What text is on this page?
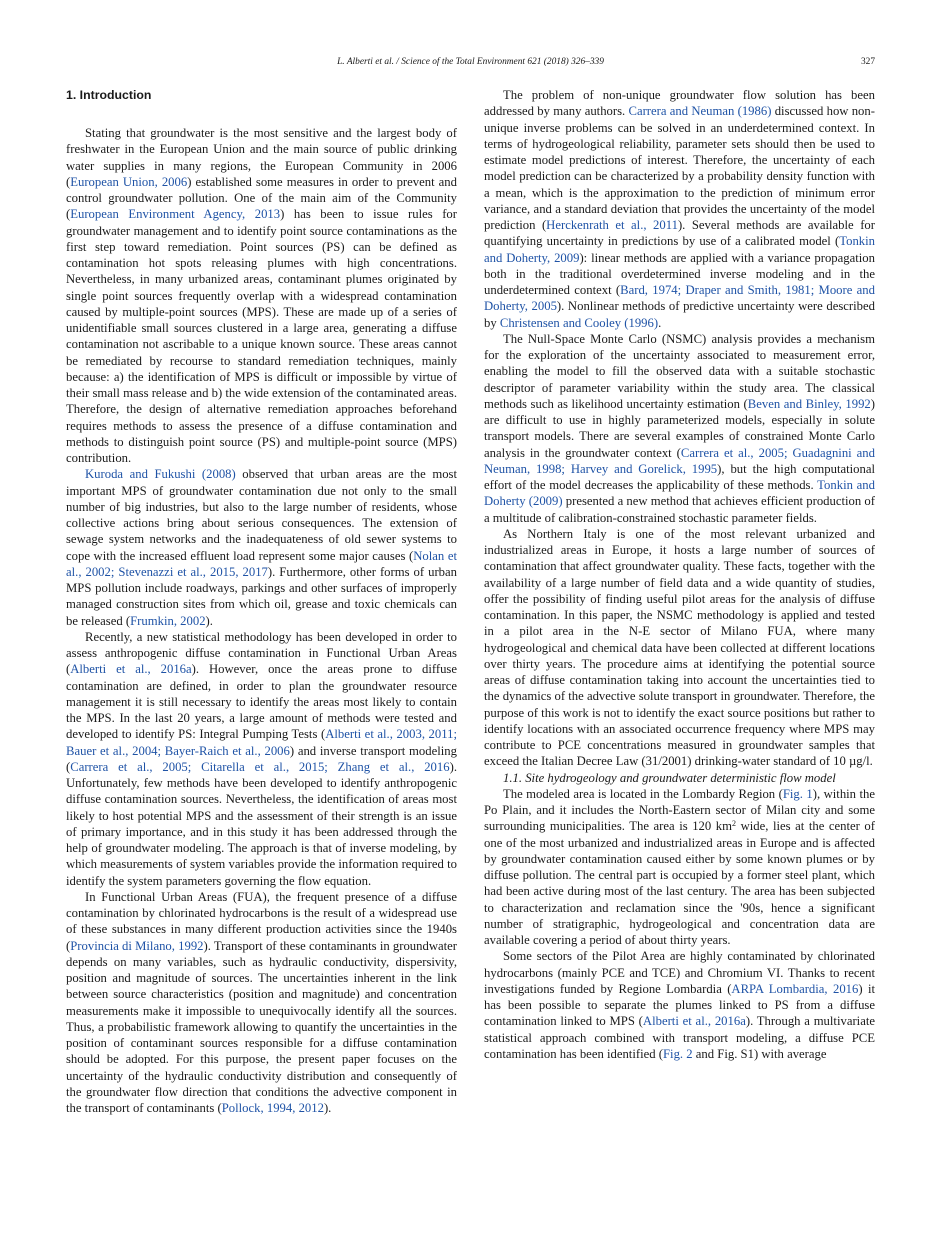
L. Alberti et al. / Science of the Total Environment 621 (2018) 326–339	327
1. Introduction

Stating that groundwater is the most sensitive and the largest body of freshwater in the European Union and the main source of public drinking water supplies in many regions, the European Community in 2006 (European Union, 2006) established some measures in order to prevent and control groundwater pollution. One of the main aim of the Community (European Environment Agency, 2013) has been to issue rules for groundwater management and to identify point source contaminations as the first step toward remediation. Point sources (PS) can be defined as contamination hot spots releasing plumes with high concentrations. Nevertheless, in many urbanized areas, contaminant plumes originated by single point sources frequently overlap with a widespread contamination caused by multiple-point sources (MPS). These are made up of a series of unidentifiable small sources clustered in a large area, generating a diffuse contamination not ascribable to a unique known source. These areas cannot be remediated by recourse to standard remediation techniques, mainly because: a) the identification of MPS is difficult or impossible by virtue of their small mass release and b) the wide extension of the contaminated areas. Therefore, the design of alternative remediation approaches beforehand requires methods to assess the presence of a diffuse contamination and methods to distinguish point source (PS) and multiple-point source (MPS) contribution.

Kuroda and Fukushi (2008) observed that urban areas are the most important MPS of groundwater contamination due not only to the small number of big industries, but also to the large number of residents, whose collective actions bring about serious consequences. The extension of sewage system networks and the inadequateness of old sewer systems to cope with the increased effluent load represent some major causes (Nolan et al., 2002; Stevenazzi et al., 2015, 2017). Furthermore, other forms of urban MPS pollution include roadways, parkings and other surfaces of improperly managed construction sites from which oil, grease and toxic chemicals can be released (Frumkin, 2002).

Recently, a new statistical methodology has been developed in order to assess anthropogenic diffuse contamination in Functional Urban Areas (Alberti et al., 2016a). However, once the areas prone to diffuse contamination are defined, in order to plan the groundwater resource management it is still necessary to identify the areas most likely to contain the MPS. In the last 20 years, a large amount of methods were tested and developed to identify PS: Integral Pumping Tests (Alberti et al., 2003, 2011; Bauer et al., 2004; Bayer-Raich et al., 2006) and inverse transport modeling (Carrera et al., 2005; Citarella et al., 2015; Zhang et al., 2016). Unfortunately, few methods have been developed to identify anthropogenic diffuse contamination sources. Nevertheless, the identification of areas most likely to host potential MPS and the assessment of their strength is an issue of primary importance, and in this study it has been addressed through the help of groundwater modeling. The approach is that of inverse modeling, by which measurements of system variables provide the information required to identify the system parameters governing the flow equation.

In Functional Urban Areas (FUA), the frequent presence of a diffuse contamination by chlorinated hydrocarbons is the result of a widespread use of these substances in many different production activities since the 1940s (Provincia di Milano, 1992). Transport of these contaminants in groundwater depends on many variables, such as hydraulic conductivity, dispersivity, position and magnitude of sources. The uncertainties inherent in the link between source characteristics (position and magnitude) and concentration measurements make it impossible to unequivocally identify all the sources. Thus, a probabilistic framework allowing to quantify the uncertainties in the position of contaminant sources responsible for a diffuse contamination should be adopted. For this purpose, the present paper focuses on the uncertainty of the hydraulic conductivity distribution and consequently of the groundwater flow direction that conditions the advective component in the transport of contaminants (Pollock, 1994, 2012).

The problem of non-unique groundwater flow solution has been addressed by many authors. Carrera and Neuman (1986) discussed how non-unique inverse problems can be solved in an underdetermined context. In terms of hydrogeological reliability, parameter sets should then be used to estimate model predictions of interest. Therefore, the uncertainty of each model prediction can be characterized by a probability density function with a mean, which is the approximation to the prediction of minimum error variance, and a standard deviation that provides the uncertainty of the model prediction (Herckenrath et al., 2011). Several methods are available for quantifying uncertainty in predictions by use of a calibrated model (Tonkin and Doherty, 2009): linear methods are applied with a variance propagation both in the traditional overdetermined inverse modeling and in the underdetermined context (Bard, 1974; Draper and Smith, 1981; Moore and Doherty, 2005). Nonlinear methods of predictive uncertainty were described by Christensen and Cooley (1996).

The Null-Space Monte Carlo (NSMC) analysis provides a mechanism for the exploration of the uncertainty associated to measurement error, enabling the model to fill the observed data with a suitable stochastic descriptor of parameter variability within the study area. The classical methods such as likelihood uncertainty estimation (Beven and Binley, 1992) are difficult to use in highly parameterized models, especially in solute transport models. There are several examples of constrained Monte Carlo analysis in the groundwater context (Carrera et al., 2005; Guadagnini and Neuman, 1998; Harvey and Gorelick, 1995), but the high computational effort of the model decreases the applicability of these methods. Tonkin and Doherty (2009) presented a new method that achieves efficient production of a multitude of calibration-constrained stochastic parameter fields.

As Northern Italy is one of the most relevant urbanized and industrialized areas in Europe, it hosts a large number of sources of contamination that affect groundwater quality. These facts, together with the availability of a large number of field data and a wide quantity of studies, offer the possibility of finding useful pilot areas for the analysis of diffuse contamination. In this paper, the NSMC methodology is applied and tested in a pilot area in the N-E sector of Milano FUA, where many hydrogeological and chemical data have been collected at different locations over thirty years. The procedure aims at identifying the potential source areas of diffuse contamination taking into account the uncertainties tied to the dynamics of the advective solute transport in groundwater. Therefore, the purpose of this work is not to identify the exact source positions but rather to identify locations with an associated occurrence frequency where MPS may contribute to PCE concentrations measured in groundwater samples that exceed the Italian Decree Law (31/2001) drinking-water standard of 10 µg/l.

1.1. Site hydrogeology and groundwater deterministic flow model

The modeled area is located in the Lombardy Region (Fig. 1), within the Po Plain, and it includes the North-Eastern sector of Milan city and some surrounding municipalities. The area is 120 $km^2$ wide, lies at the center of one of the most urbanized and industrialized areas in Europe and is affected by groundwater contamination caused either by some known plumes or by diffuse pollution. The central part is occupied by a former steel plant, which had been active during most of the last century. The area has been subjected to characterization and reclamation since the '90s, hence a significant number of stratigraphic, hydrogeological and concentration data are available covering a period of about thirty years.

Some sectors of the Pilot Area are highly contaminated by chlorinated hydrocarbons (mainly PCE and TCE) and Chromium VI. Thanks to recent investigations funded by Regione Lombardia (ARPA Lombardia, 2016) it has been possible to separate the plumes linked to PS from a diffuse contamination linked to MPS (Alberti et al., 2016a). Through a multivariate statistical approach combined with transport modeling, a diffuse PCE contamination has been identified (Fig. 2 and Fig. S1) with average
